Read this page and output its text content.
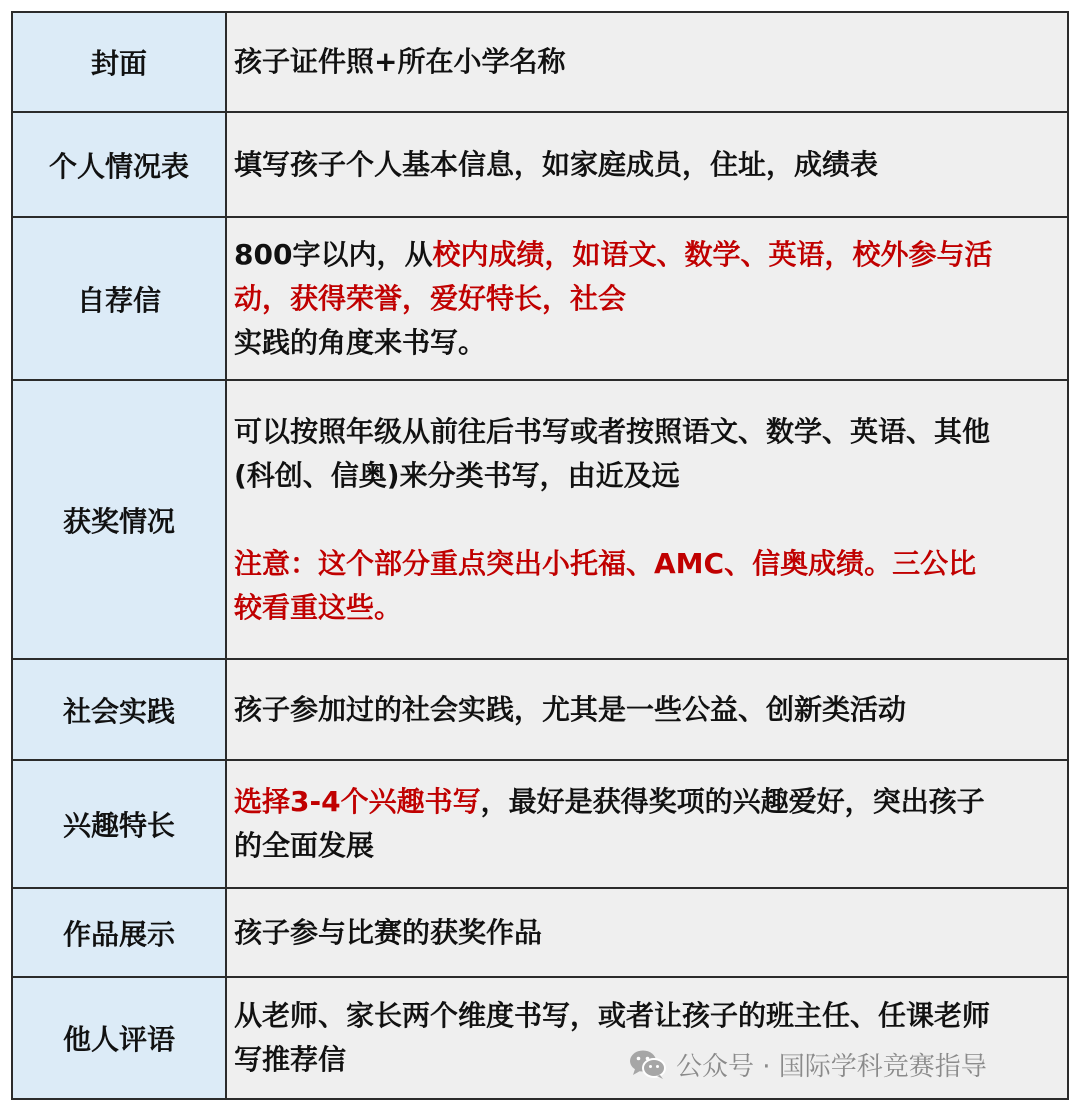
封面	孩子证件照+所在小学名称

个人情况表	填写孩子个人基本信息，如家庭成员，住址，成绩表

自荐信	800字以内，从校内成绩，如语文、数学、英语，校外参与活
动，获得荣誉，爱好特长，社会
实践的角度来书写。

获奖情况	可以按照年级从前往后书写或者按照语文、数学、英语、其他
(科创、信奥)来分类书写，由近及远
注意：这个部分重点突出小托福、AMC、信奥成绩。三公比
较看重这些。

社会实践	孩子参加过的社会实践，尤其是一些公益、创新类活动

兴趣特长	选择3-4个兴趣书写，最好是获得奖项的兴趣爱好，突出孩子
的全面发展

作品展示	孩子参与比赛的获奖作品

他人评语	从老师、家长两个维度书写，或者让孩子的班主任、任课老师
写推荐信	公众号 · 国际学科竞赛指导
